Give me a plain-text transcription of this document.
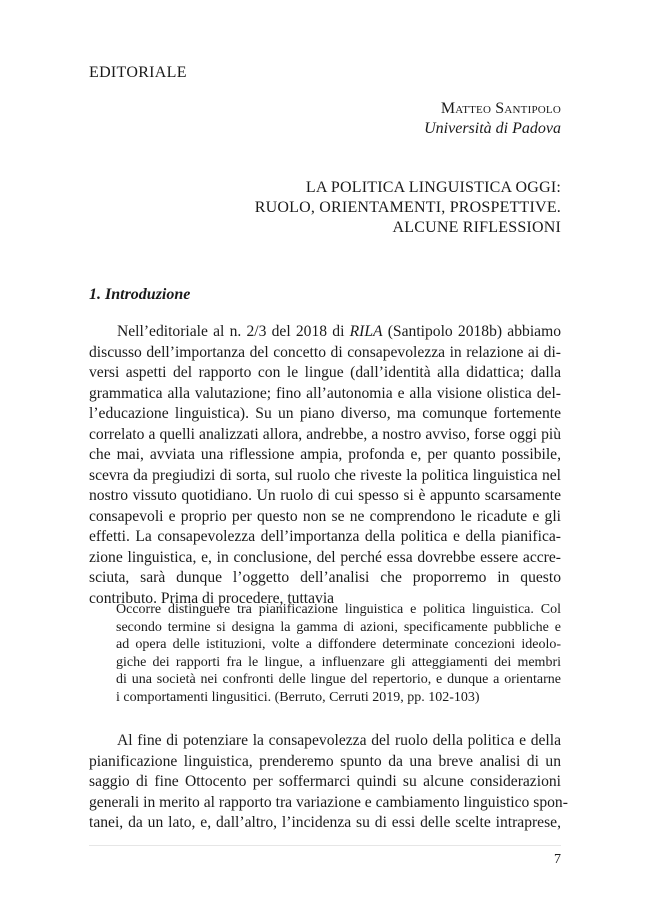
EDITORIALE
Matteo Santipolo
Università di Padova
LA POLITICA LINGUISTICA OGGI:
RUOLO, ORIENTAMENTI, PROSPETTIVE.
ALCUNE RIFLESSIONI
1. Introduzione
Nell’editoriale al n. 2/3 del 2018 di RILA (Santipolo 2018b) abbiamo
discusso dell’importanza del concetto di consapevolezza in relazione ai di-
versi aspetti del rapporto con le lingue (dall’identità alla didattica; dalla
grammatica alla valutazione; fino all’autonomia e alla visione olistica del-
l’educazione linguistica). Su un piano diverso, ma comunque fortemente
correlato a quelli analizzati allora, andrebbe, a nostro avviso, forse oggi più
che mai, avviata una riflessione ampia, profonda e, per quanto possibile,
scevra da pregiudizi di sorta, sul ruolo che riveste la politica linguistica nel
nostro vissuto quotidiano. Un ruolo di cui spesso si è appunto scarsamente
consapevoli e proprio per questo non se ne comprendono le ricadute e gli
effetti. La consapevolezza dell’importanza della politica e della pianifica-
zione linguistica, e, in conclusione, del perché essa dovrebbe essere accre-
sciuta, sarà dunque l’oggetto dell’analisi che proporremo in questo
contributo. Prima di procedere, tuttavia
Occorre distinguere tra pianificazione linguistica e politica linguistica. Col
secondo termine si designa la gamma di azioni, specificamente pubbliche e
ad opera delle istituzioni, volte a diffondere determinate concezioni ideolo-
giche dei rapporti fra le lingue, a influenzare gli atteggiamenti dei membri
di una società nei confronti delle lingue del repertorio, e dunque a orientarne
i comportamenti lingusitici. (Berruto, Cerruti 2019, pp. 102-103)
Al fine di potenziare la consapevolezza del ruolo della politica e della
pianificazione linguistica, prenderemo spunto da una breve analisi di un
saggio di fine Ottocento per soffermarci quindi su alcune considerazioni
generali in merito al rapporto tra variazione e cambiamento linguistico spon-
tanei, da un lato, e, dall’altro, l’incidenza su di essi delle scelte intraprese,
7
